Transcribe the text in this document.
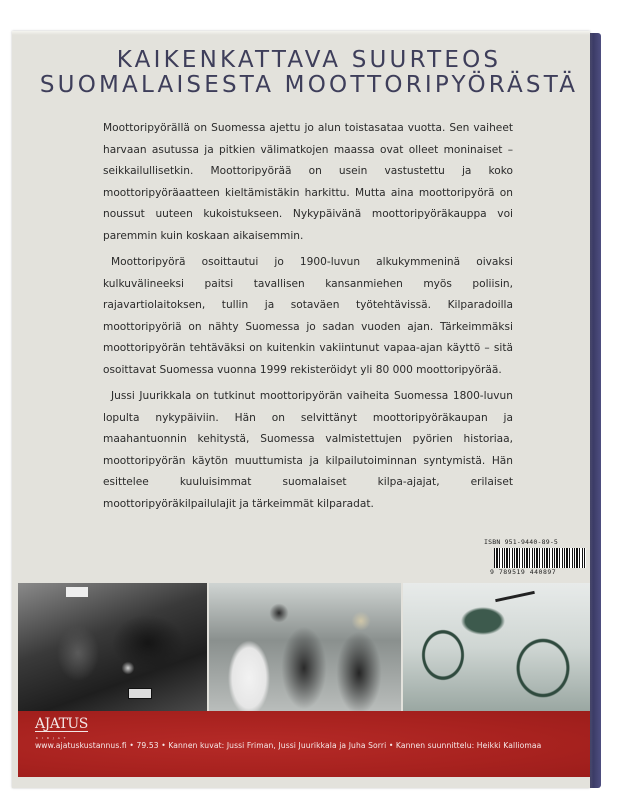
KAIKENKATTAVA SUURTEOS
SUOMALAISESTA MOOTTORIPYÖRÄSTÄ

Moottoripyörällä on Suomessa ajettu jo alun toistasataa vuotta. Sen vaiheet harvaan asutussa ja pitkien välimatkojen maassa ovat olleet moninaiset – seikkailullisetkin. Moottoripyörää on usein vastustettu ja koko moottoripyöräaatteen kieltämistäkin harkittu. Mutta aina moottoripyörä on noussut uuteen kukoistukseen. Nykypäivänä moottoripyöräkauppa voi paremmin kuin koskaan aikaisemmin.

Moottoripyörä osoittautui jo 1900-luvun alkukymmeninä oivaksi kulkuvälineeksi paitsi tavallisen kansanmiehen myös poliisin, rajavartiolaitoksen, tullin ja sotaväen työtehtävissä. Kilparadoilla moottoripyöriä on nähty Suomessa jo sadan vuoden ajan. Tärkeimmäksi moottoripyörän tehtäväksi on kuitenkin vakiintunut vapaa-ajan käyttö – sitä osoittavat Suomessa vuonna 1999 rekisteröidyt yli 80 000 moottoripyörää.

Jussi Juurikkala on tutkinut moottoripyörän vaiheita Suomessa 1800-luvun lopulta nykypäiviin. Hän on selvittänyt moottoripyöräkaupan ja maahantuonnin kehitystä, Suomessa valmistettujen pyörien historiaa, moottoripyörän käytön muuttumista ja kilpailutoiminnan syntymistä. Hän esittelee kuuluisimmat suomalaiset kilpa-ajajat, erilaiset moottoripyöräkilpailulajit ja tärkeimmät kilparadat.

ISBN 951-9440-89-5
9 789519 440897
AJATUS
KIRJAT
www.ajatuskustannus.fi • 79.53 • Kannen kuvat: Jussi Friman, Jussi Juurikkala ja Juha Sorri • Kannen suunnittelu: Heikki Kalliomaa
